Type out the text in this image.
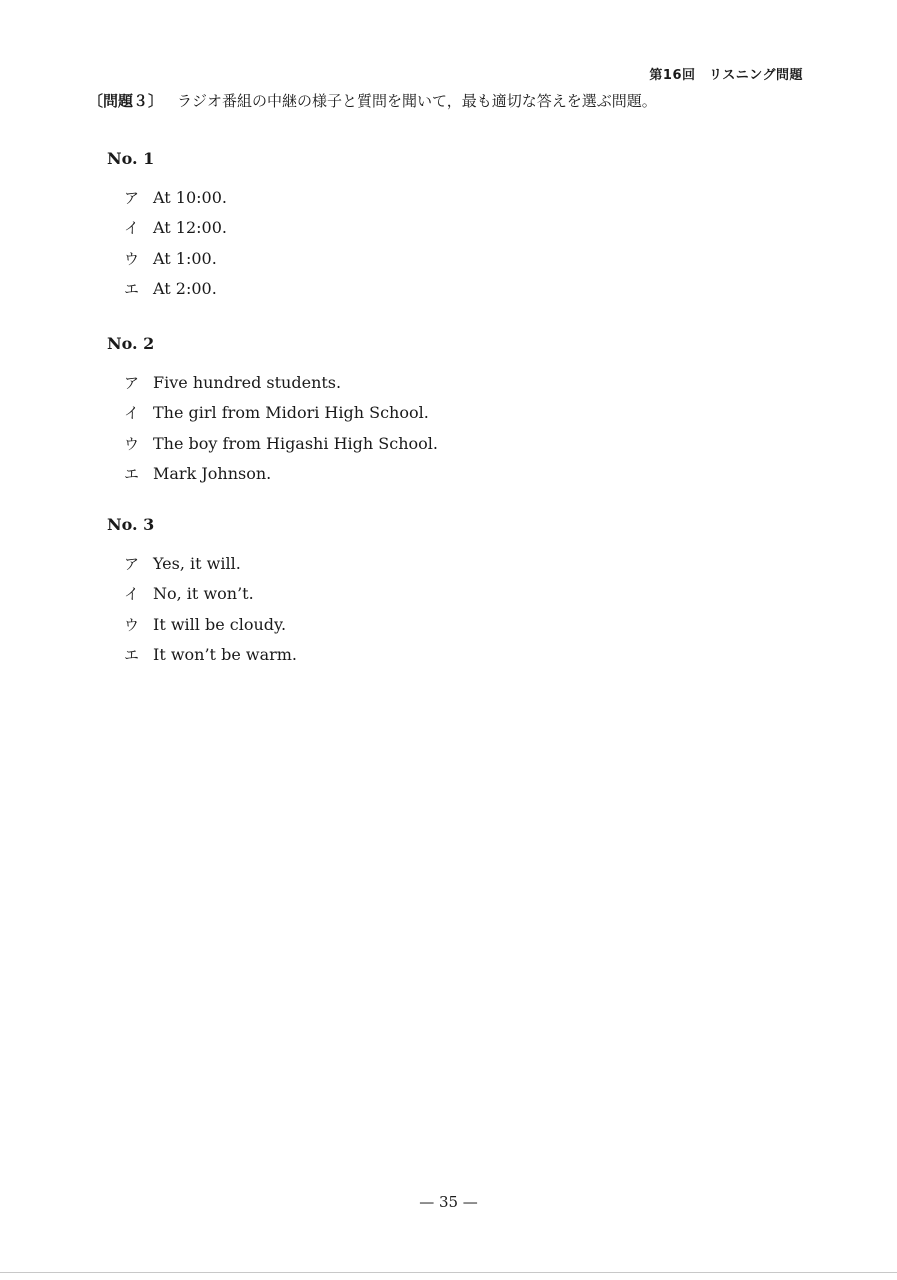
第16回　リスニング問題
〔問題３〕 ラジオ番組の中継の様子と質問を聞いて，最も適切な答えを選ぶ問題。
No. 1
ア At 10:00.
イ At 12:00.
ウ At 1:00.
エ At 2:00.
No. 2
ア Five hundred students.
イ The girl from Midori High School.
ウ The boy from Higashi High School.
エ Mark Johnson.
No. 3
ア Yes, it will.
イ No, it won’t.
ウ It will be cloudy.
エ It won’t be warm.
— 35 —
